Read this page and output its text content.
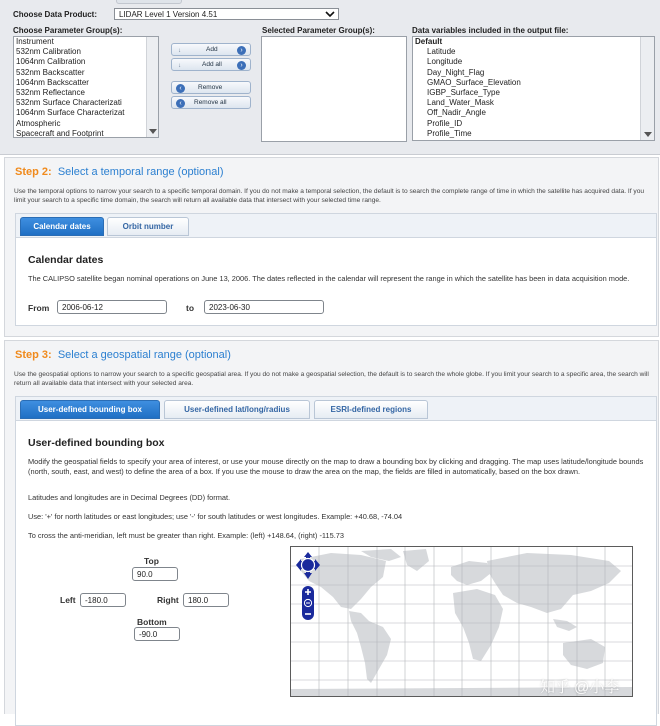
Choose Data Product:	LIDAR Level 1 Version 4.51
Choose Parameter Group(s):
Instrument
532nm Calibration
1064nm Calibration
532nm Backscatter
1064nm Backscatter
532nm Reflectance
532nm Surface Characterizati
1064nm Surface Characterizat
Atmospheric
Spacecraft and Footprint
↓	Add	›
↓	Add all	›
‹	Remove
‹	Remove all
Selected Parameter Group(s):	Data variables included in the output file:
Default
Latitude
Longitude
Day_Night_Flag
GMAO_Surface_Elevation
IGBP_Surface_Type
Land_Water_Mask
Off_Nadir_Angle
Profile_ID
Profile_Time
Step 2: Select a temporal range (optional)
Use the temporal options to narrow your search to a specific temporal domain. If you do not make a temporal selection, the default is to search the complete range of time in which the satellite has acquired data. If you limit your search to a specific time domain, the search will return all available data that intersect with your selected time range.
Calendar dates	Orbit number
Calendar dates
The CALIPSO satellite began nominal operations on June 13, 2006. The dates reflected in the calendar will represent the range in which the satellite has been in data acquisition mode.
From	2006-06-12	to	2023-06-30
Step 3: Select a geospatial range (optional)
Use the geospatial options to narrow your search to a specific geospatial area. If you do not make a geospatial selection, the default is to search the whole globe. If you limit your search to a specific area, the search will return all available data that intersect with your selected area.
User-defined bounding box	User-defined lat/long/radius	ESRI-defined regions
User-defined bounding box
Modify the geospatial fields to specify your area of interest, or use your mouse directly on the map to draw a bounding box by clicking and dragging. The map uses latitude/longitude bounds (north, south, east, and west) to define the area of a box. If you use the mouse to draw the area on the map, the fields are filled in automatically, based on the box drawn.
Latitudes and longitudes are in Decimal Degrees (DD) format.
Use: '+' for north latitudes or east longitudes; use '-' for south latitudes or west longitudes. Example: +40.68, -74.04
To cross the anti-meridian, left must be greater than right. Example: (left) +148.64, (right) -115.73
Top
90.0
Left	-180.0	Right	180.0
Bottom
-90.0
知乎 @小李
